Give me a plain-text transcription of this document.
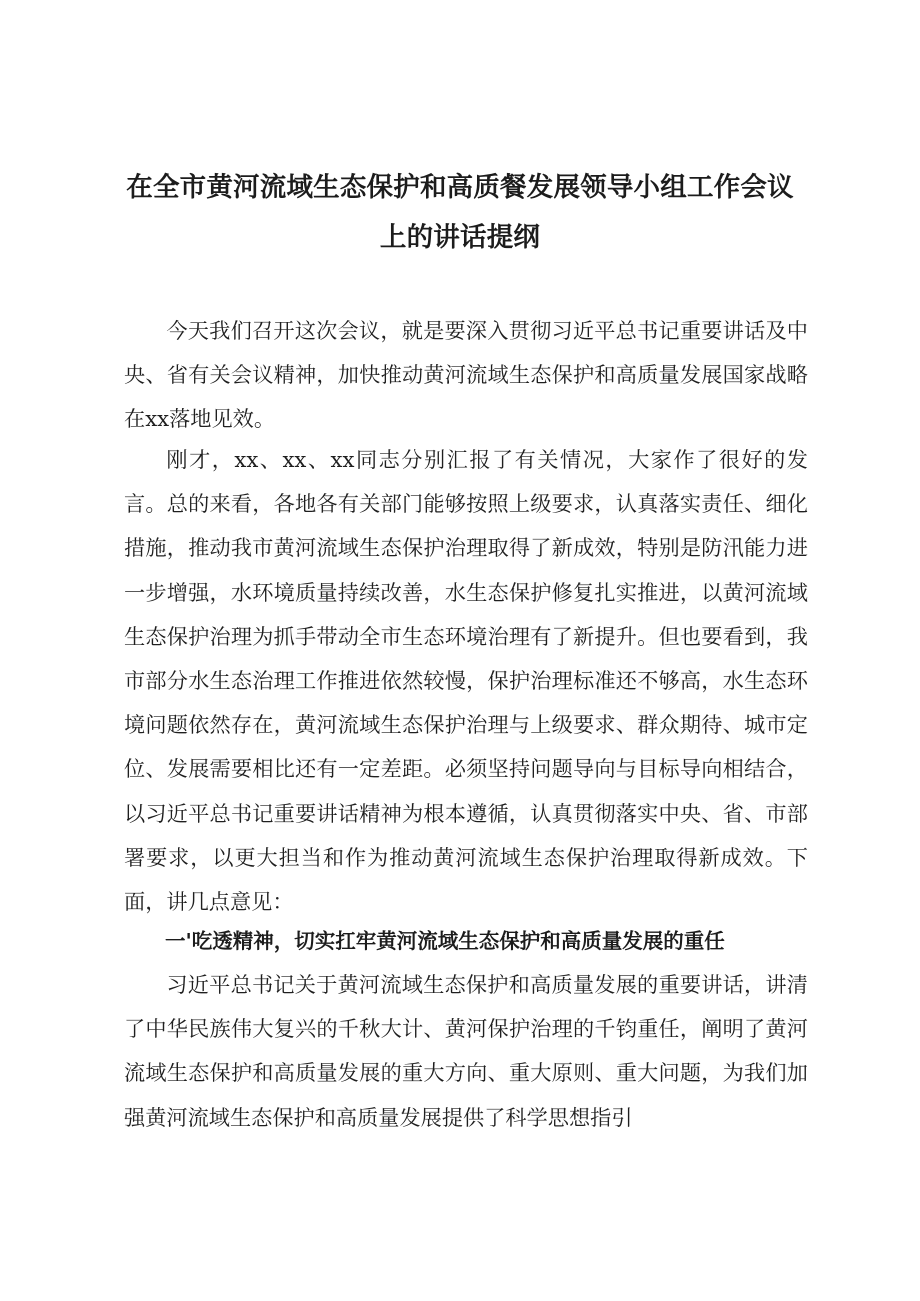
在全市黄河流域生态保护和高质餐发展领导小组工作会议上的讲话提纲

今天我们召开这次会议，就是要深入贯彻习近平总书记重要讲话及中央、省有关会议精神，加快推动黄河流域生态保护和高质量发展国家战略在xx落地见效。

刚才，xx、xx、xx同志分别汇报了有关情况，大家作了很好的发言。总的来看，各地各有关部门能够按照上级要求，认真落实责任、细化措施，推动我市黄河流域生态保护治理取得了新成效，特别是防汛能力进一步增强，水环境质量持续改善，水生态保护修复扎实推进，以黄河流域生态保护治理为抓手带动全市生态环境治理有了新提升。但也要看到，我市部分水生态治理工作推进依然较慢，保护治理标准还不够高，水生态环境问题依然存在，黄河流域生态保护治理与上级要求、群众期待、城市定位、发展需要相比还有一定差距。必须坚持问题导向与目标导向相结合，以习近平总书记重要讲话精神为根本遵循，认真贯彻落实中央、省、市部署要求，以更大担当和作为推动黄河流域生态保护治理取得新成效。下面，讲几点意见：

一'吃透精神，切实扛牢黄河流域生态保护和高质量发展的重任

习近平总书记关于黄河流域生态保护和高质量发展的重要讲话，讲清了中华民族伟大复兴的千秋大计、黄河保护治理的千钧重任，阐明了黄河流域生态保护和高质量发展的重大方向、重大原则、重大问题，为我们加强黄河流域生态保护和高质量发展提供了科学思想指引
